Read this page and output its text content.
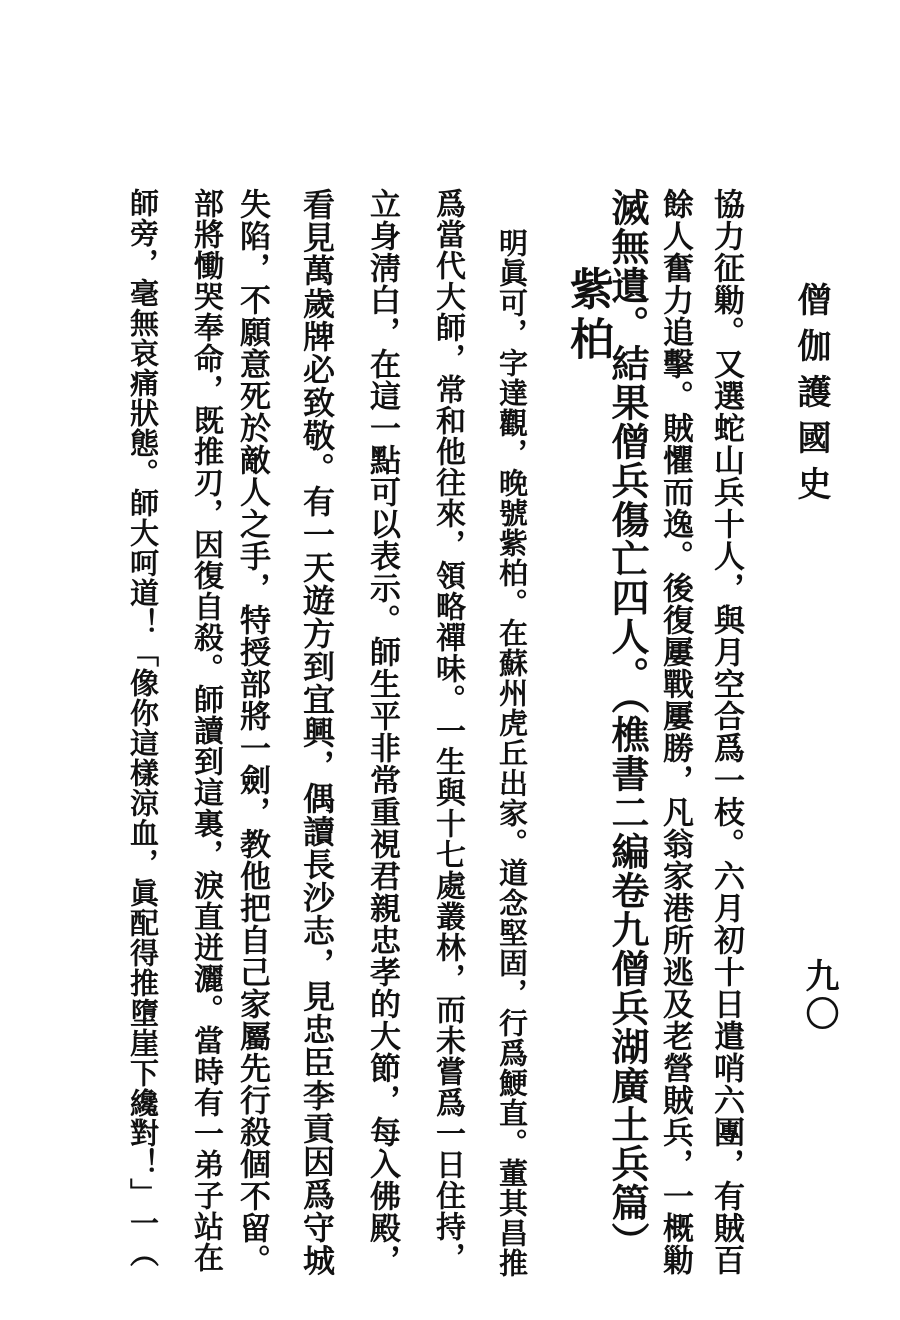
僧伽護國史
九〇
協力征勦。又選蛇山兵十人，與月空合爲一枝。六月初十日遣哨六團，有賊百
餘人奮力追擊。賊懼而逸。後復屢戰屢勝，凡翁家港所逃及老營賊兵，一概勦
滅無遺。結果僧兵傷亡四人。（樵書二編卷九僧兵湖廣土兵篇）
紫柏
明眞可，字達觀，晚號紫柏。在蘇州虎丘出家。道念堅固，行爲鯁直。董其昌推
爲當代大師，常和他往來，領略禪味。一生與十七處叢林，而未嘗爲一日住持，
立身淸白，在這一點可以表示。師生平非常重視君親忠孝的大節，每入佛殿，
看見萬歲牌必致敬。有一天遊方到宜興，偶讀長沙志，見忠臣李貢因爲守城
失陷，不願意死於敵人之手，特授部將一劍，教他把自己家屬先行殺個不留。
部將慟哭奉命，既推刃，因復自殺。師讀到這裏，淚直迸灑。當時有一弟子站在
師旁，毫無哀痛狀態。師大呵道！「像你這樣涼血，眞配得推墮崖下纔對！」一（
